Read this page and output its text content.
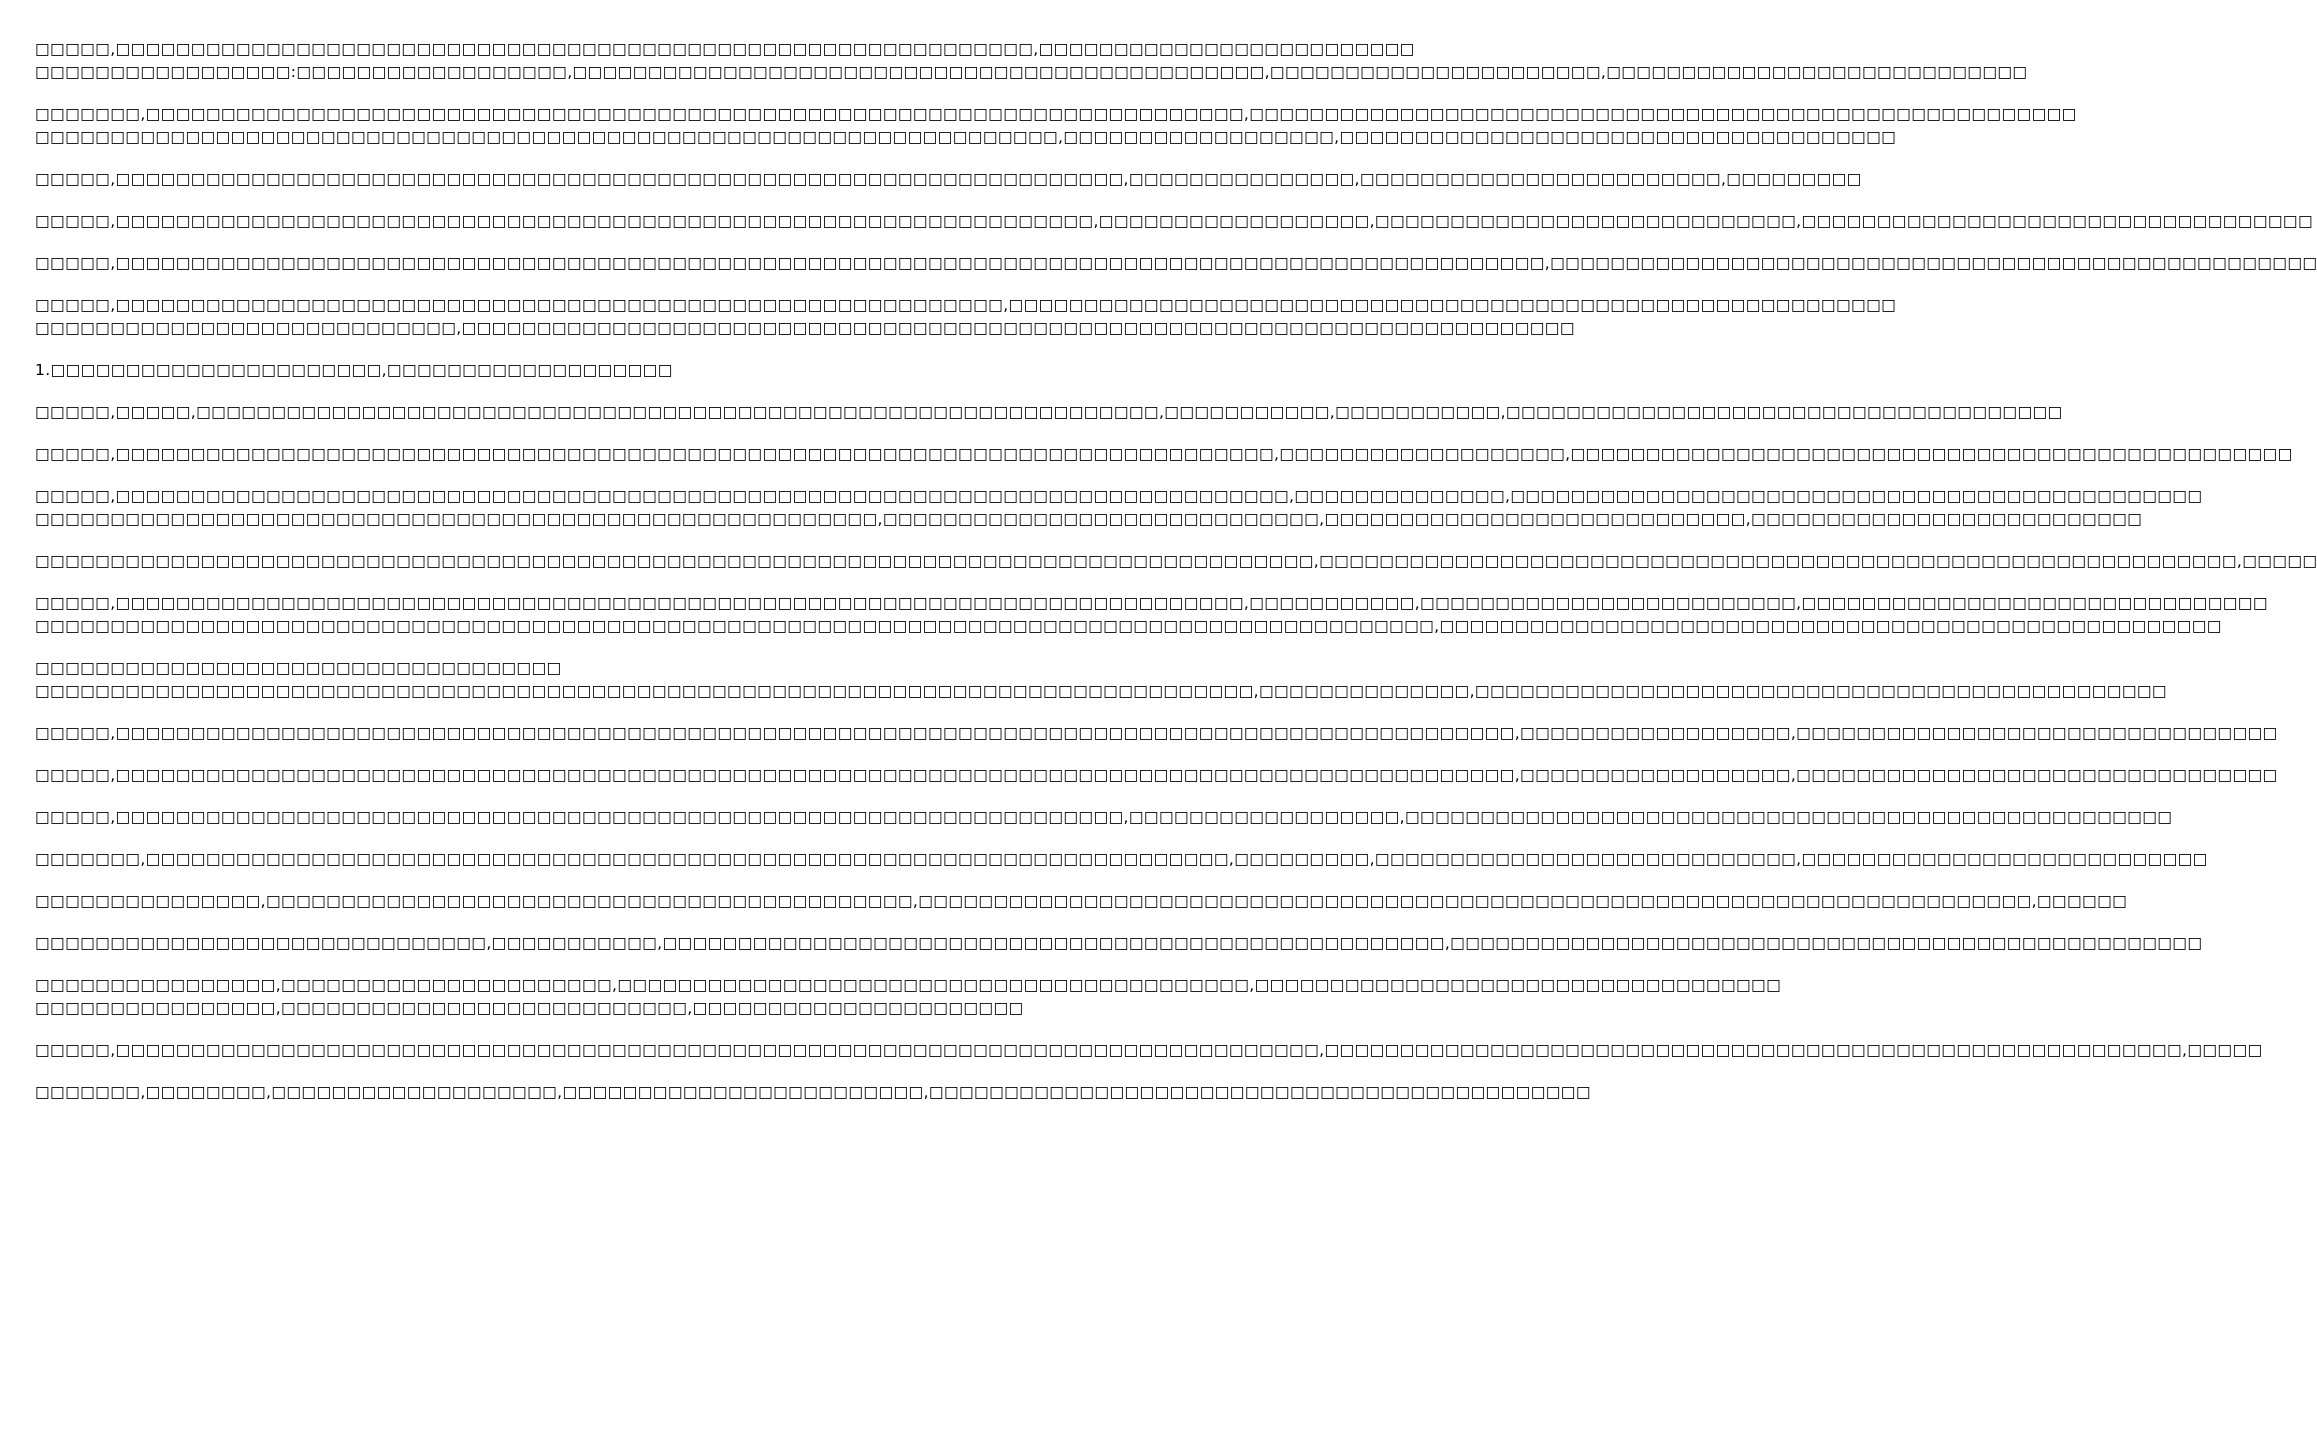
□□□□□,□□□□□□□□□□□□□□□□□□□□□□□□□□□□□□□□□□□□□□□□□□□□□□□□□□□□□□□□□□□□□,□□□□□□□□□□□□□□□□□□□□□□□□□
□□□□□□□□□□□□□□□□□:□□□□□□□□□□□□□□□□□□,□□□□□□□□□□□□□□□□□□□□□□□□□□□□□□□□□□□□□□□□□□□□□□,□□□□□□□□□□□□□□□□□□□□□□,□□□□□□□□□□□□□□□□□□□□□□□□□□□□
□□□□□□□,□□□□□□□□□□□□□□□□□□□□□□□□□□□□□□□□□□□□□□□□□□□□□□□□□□□□□□□□□□□□□□□□□□□□□□□□□,□□□□□□□□□□□□□□□□□□□□□□□□□□□□□□□□□□□□□□□□□□□□□□□□□□□□□□□
□□□□□□□□□□□□□□□□□□□□□□□□□□□□□□□□□□□□□□□□□□□□□□□□□□□□□□□□□□□□□□□□□□□□,□□□□□□□□□□□□□□□□□□,□□□□□□□□□□□□□□□□□□□□□□□□□□□□□□□□□□□□□
□□□□□,□□□□□□□□□□□□□□□□□□□□□□□□□□□□□□□□□□□□□□□□□□□□□□□□□□□□□□□□□□□□□□□□□□□,□□□□□□□□□□□□□□□,□□□□□□□□□□□□□□□□□□□□□□□□,□□□□□□□□□
□□□□□,□□□□□□□□□□□□□□□□□□□□□□□□□□□□□□□□□□□□□□□□□□□□□□□□□□□□□□□□□□□□□□□□□,□□□□□□□□□□□□□□□□□□,□□□□□□□□□□□□□□□□□□□□□□□□□□□□,□□□□□□□□□□□□□□□□□□□□□□□□□□□□□□□□□□
□□□□□,□□□□□□□□□□□□□□□□□□□□□□□□□□□□□□□□□□□□□□□□□□□□□□□□□□□□□□□□□□□□□□□□□□□□□□□□□□□□□□□□□□□□□□□□□□□□□□□,□□□□□□□□□□□□□□□□□□□□□□□□□□□□□□□□□□□□□□□□□□□□□□□□□□□
□□□□□,□□□□□□□□□□□□□□□□□□□□□□□□□□□□□□□□□□□□□□□□□□□□□□□□□□□□□□□□□□□,□□□□□□□□□□□□□□□□□□□□□□□□□□□□□□□□□□□□□□□□□□□□□□□□□□□□□□□□□□□
□□□□□□□□□□□□□□□□□□□□□□□□□□□□,□□□□□□□□□□□□□□□□□□□□□□□□□□□□□□□□□□□□□□□□□□□□□□□□□□□□□□□□□□□□□□□□□□□□□□□□□□
1.□□□□□□□□□□□□□□□□□□□□□□,□□□□□□□□□□□□□□□□□□□
□□□□□,□□□□□,□□□□□□□□□□□□□□□□□□□□□□□□□□□□□□□□□□□□□□□□□□□□□□□□□□□□□□□□□□□□□□□□,□□□□□□□□□□□,□□□□□□□□□□□,□□□□□□□□□□□□□□□□□□□□□□□□□□□□□□□□□□□□□
□□□□□,□□□□□□□□□□□□□□□□□□□□□□□□□□□□□□□□□□□□□□□□□□□□□□□□□□□□□□□□□□□□□□□□□□□□□□□□□□□□□,□□□□□□□□□□□□□□□□□□□,□□□□□□□□□□□□□□□□□□□□□□□□□□□□□□□□□□□□□□□□□□□□□□□□
□□□□□,□□□□□□□□□□□□□□□□□□□□□□□□□□□□□□□□□□□□□□□□□□□□□□□□□□□□□□□□□□□□□□□□□□□□□□□□□□□□□□,□□□□□□□□□□□□□□,□□□□□□□□□□□□□□□□□□□□□□□□□□□□□□□□□□□□□□□□□□□□□□
□□□□□□□□□□□□□□□□□□□□□□□□□□□□□□□□□□□□□□□□□□□□□□□□□□□□□□□□,□□□□□□□□□□□□□□□□□□□□□□□□□□□□□,□□□□□□□□□□□□□□□□□□□□□□□□□□□□,□□□□□□□□□□□□□□□□□□□□□□□□□□
□□□□□□□□□□□□□□□□□□□□□□□□□□□□□□□□□□□□□□□□□□□□□□□□□□□□□□□□□□□□□□□□□□□□□□□□□□□□□□□□□□□□□,□□□□□□□□□□□□□□□□□□□□□□□□□□□□□□□□□□□□□□□□□□□□□□□□□□□□□□□□□□□□□,□□□□□
□□□□□,□□□□□□□□□□□□□□□□□□□□□□□□□□□□□□□□□□□□□□□□□□□□□□□□□□□□□□□□□□□□□□□□□□□□□□□□□□□,□□□□□□□□□□□,□□□□□□□□□□□□□□□□□□□□□□□□□,□□□□□□□□□□□□□□□□□□□□□□□□□□□□□□□
□□□□□□□□□□□□□□□□□□□□□□□□□□□□□□□□□□□□□□□□□□□□□□□□□□□□□□□□□□□□□□□□□□□□□□□□□□□□□□□□□□□□□□□□□□□□□,□□□□□□□□□□□□□□□□□□□□□□□□□□□□□□□□□□□□□□□□□□□□□□□□□□□□
□□□□□□□□□□□□□□□□□□□□□□□□□□□□□□□□□□□
□□□□□□□□□□□□□□□□□□□□□□□□□□□□□□□□□□□□□□□□□□□□□□□□□□□□□□□□□□□□□□□□□□□□□□□□□□□□□□□□□,□□□□□□□□□□□□□□,□□□□□□□□□□□□□□□□□□□□□□□□□□□□□□□□□□□□□□□□□□□□□□
□□□□□,□□□□□□□□□□□□□□□□□□□□□□□□□□□□□□□□□□□□□□□□□□□□□□□□□□□□□□□□□□□□□□□□□□□□□□□□□□□□□□□□□□□□□□□□□□□□□,□□□□□□□□□□□□□□□□□□,□□□□□□□□□□□□□□□□□□□□□□□□□□□□□□□□
□□□□□,□□□□□□□□□□□□□□□□□□□□□□□□□□□□□□□□□□□□□□□□□□□□□□□□□□□□□□□□□□□□□□□□□□□□□□□□□□□□□□□□□□□□□□□□□□□□□,□□□□□□□□□□□□□□□□□□,□□□□□□□□□□□□□□□□□□□□□□□□□□□□□□□□
□□□□□,□□□□□□□□□□□□□□□□□□□□□□□□□□□□□□□□□□□□□□□□□□□□□□□□□□□□□□□□□□□□□□□□□□□,□□□□□□□□□□□□□□□□□□,□□□□□□□□□□□□□□□□□□□□□□□□□□□□□□□□□□□□□□□□□□□□□□□□□□□
□□□□□□□,□□□□□□□□□□□□□□□□□□□□□□□□□□□□□□□□□□□□□□□□□□□□□□□□□□□□□□□□□□□□□□□□□□□□□□□□,□□□□□□□□□,□□□□□□□□□□□□□□□□□□□□□□□□□□□□,□□□□□□□□□□□□□□□□□□□□□□□□□□□
□□□□□□□□□□□□□□□,□□□□□□□□□□□□□□□□□□□□□□□□□□□□□□□□□□□□□□□□□□□,□□□□□□□□□□□□□□□□□□□□□□□□□□□□□□□□□□□□□□□□□□□□□□□□□□□□□□□□□□□□□□□□□□□□□□□□□□,□□□□□□
□□□□□□□□□□□□□□□□□□□□□□□□□□□□□□,□□□□□□□□□□□,□□□□□□□□□□□□□□□□□□□□□□□□□□□□□□□□□□□□□□□□□□□□□□□□□□□□,□□□□□□□□□□□□□□□□□□□□□□□□□□□□□□□□□□□□□□□□□□□□□□□□□□
□□□□□□□□□□□□□□□□,□□□□□□□□□□□□□□□□□□□□□□,□□□□□□□□□□□□□□□□□□□□□□□□□□□□□□□□□□□□□□□□□□,□□□□□□□□□□□□□□□□□□□□□□□□□□□□□□□□□□□
□□□□□□□□□□□□□□□□,□□□□□□□□□□□□□□□□□□□□□□□□□□□,□□□□□□□□□□□□□□□□□□□□□□
□□□□□,□□□□□□□□□□□□□□□□□□□□□□□□□□□□□□□□□□□□□□□□□□□□□□□□□□□□□□□□□□□□□□□□□□□□□□□□□□□□□□□□,□□□□□□□□□□□□□□□□□□□□□□□□□□□□□□□□□□□□□□□□□□□□□□□□□□□□□□□□□,□□□□□
□□□□□□□,□□□□□□□□,□□□□□□□□□□□□□□□□□□□,□□□□□□□□□□□□□□□□□□□□□□□□,□□□□□□□□□□□□□□□□□□□□□□□□□□□□□□□□□□□□□□□□□□□□
